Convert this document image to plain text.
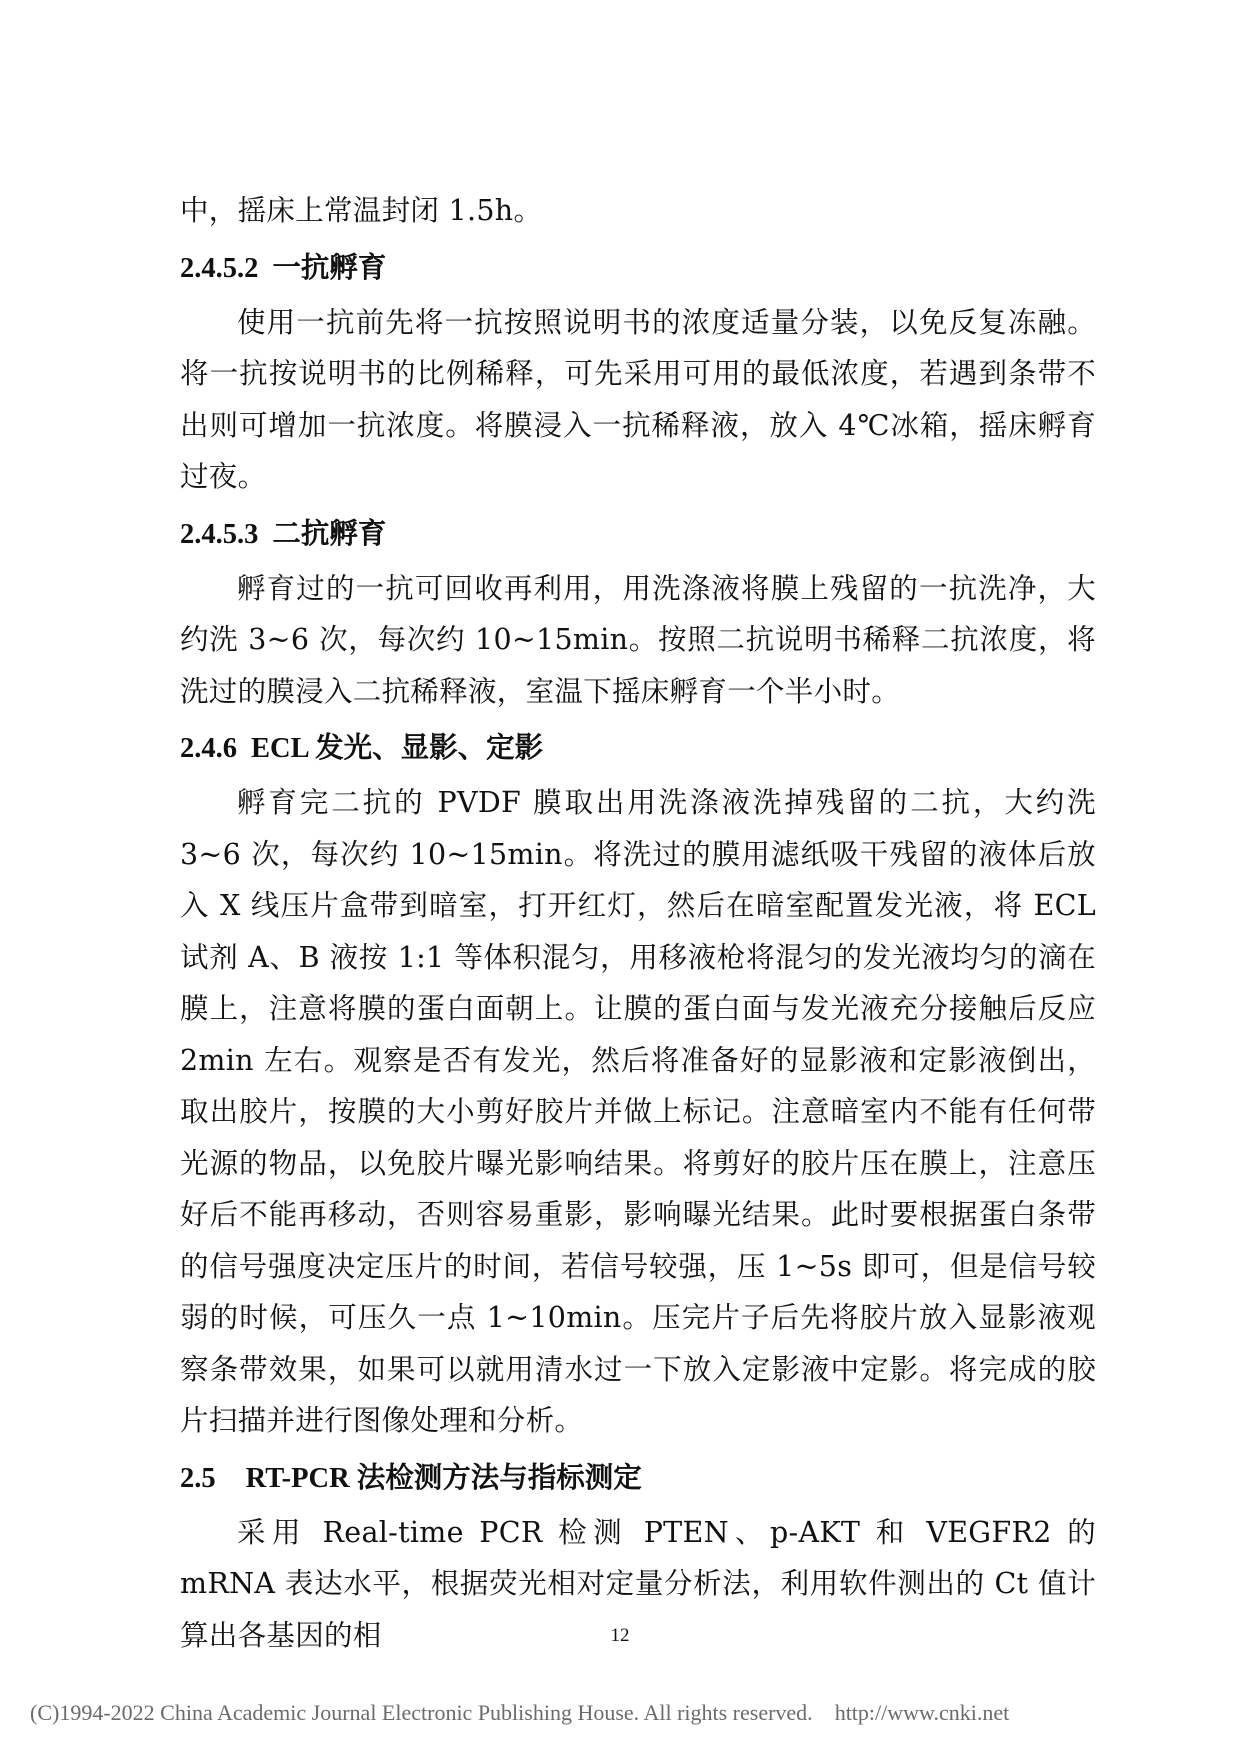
中，摇床上常温封闭 1.5h。

2.4.5.2 一抗孵育

使用一抗前先将一抗按照说明书的浓度适量分装，以免反复冻融。将一抗按说明书的比例稀释，可先采用可用的最低浓度，若遇到条带不出则可增加一抗浓度。将膜浸入一抗稀释液，放入 4℃冰箱，摇床孵育过夜。

2.4.5.3 二抗孵育

孵育过的一抗可回收再利用，用洗涤液将膜上残留的一抗洗净，大约洗 3~6 次，每次约 10~15min。按照二抗说明书稀释二抗浓度，将洗过的膜浸入二抗稀释液，室温下摇床孵育一个半小时。

2.4.6 ECL 发光、显影、定影

孵育完二抗的 PVDF 膜取出用洗涤液洗掉残留的二抗，大约洗 3~6 次，每次约 10~15min。将洗过的膜用滤纸吸干残留的液体后放入 X 线压片盒带到暗室，打开红灯，然后在暗室配置发光液，将 ECL 试剂 A、B 液按 1:1 等体积混匀，用移液枪将混匀的发光液均匀的滴在膜上，注意将膜的蛋白面朝上。让膜的蛋白面与发光液充分接触后反应 2min 左右。观察是否有发光，然后将准备好的显影液和定影液倒出，取出胶片，按膜的大小剪好胶片并做上标记。注意暗室内不能有任何带光源的物品，以免胶片曝光影响结果。将剪好的胶片压在膜上，注意压好后不能再移动，否则容易重影，影响曝光结果。此时要根据蛋白条带的信号强度决定压片的时间，若信号较强，压 1~5s 即可，但是信号较弱的时候，可压久一点 1~10min。压完片子后先将胶片放入显影液观察条带效果，如果可以就用清水过一下放入定影液中定影。将完成的胶片扫描并进行图像处理和分析。

2.5 RT-PCR 法检测方法与指标测定

采用 Real-time PCR 检测 PTEN、p-AKT 和 VEGFR2 的 mRNA 表达水平，根据荧光相对定量分析法，利用软件测出的 Ct 值计算出各基因的相	12
(C)1994-2022 China Academic Journal Electronic Publishing House. All rights reserved. http://www.cnki.net
